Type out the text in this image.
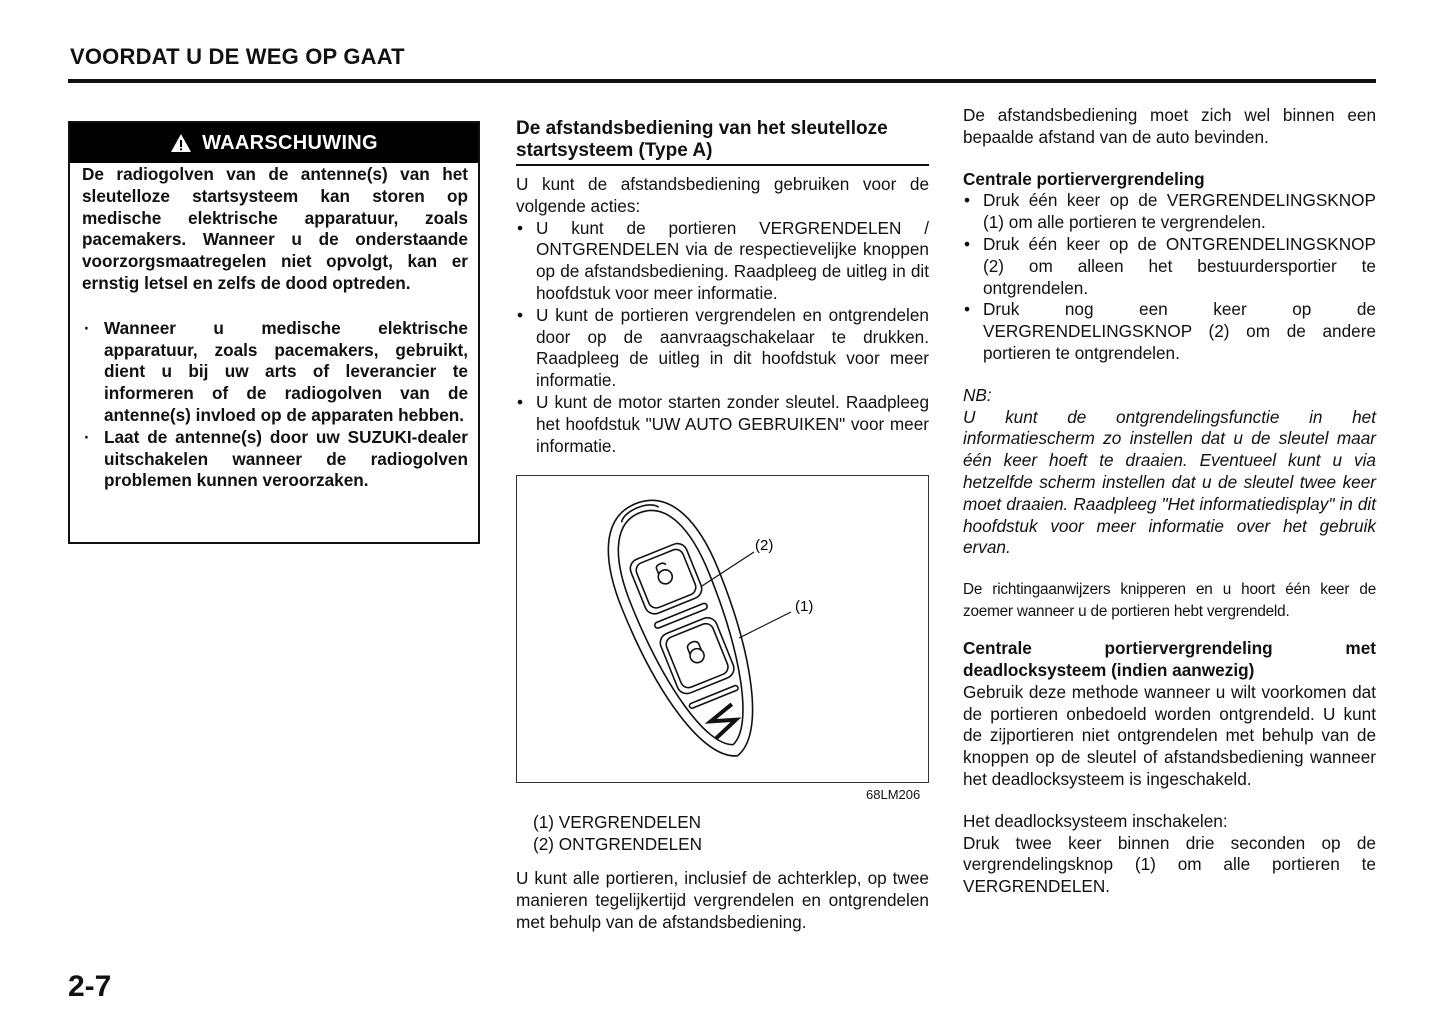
VOORDAT U DE WEG OP GAAT
WAARSCHUWING

De radiogolven van de antenne(s) van het sleutelloze startsysteem kan storen op medische elektrische apparatuur, zoals pacemakers. Wanneer u de onderstaande voorzorgsmaatregelen niet opvolgt, kan er ernstig letsel en zelfs de dood optreden.

· Wanneer u medische elektrische apparatuur, zoals pacemakers, gebruikt, dient u bij uw arts of leverancier te informeren of de radiogolven van de antenne(s) invloed op de apparaten hebben.
· Laat de antenne(s) door uw SUZUKI-dealer uitschakelen wanneer de radiogolven problemen kunnen veroorzaken.
De afstandsbediening van het sleutelloze startsysteem (Type A)

U kunt de afstandsbediening gebruiken voor de volgende acties:

• U kunt de portieren VERGRENDELEN / ONTGRENDELEN via de respectievelijke knoppen op de afstandsbediening. Raadpleeg de uitleg in dit hoofdstuk voor meer informatie.
• U kunt de portieren vergrendelen en ontgrendelen door op de aanvraagschakelaar te drukken. Raadpleeg de uitleg in dit hoofdstuk voor meer informatie.
• U kunt de motor starten zonder sleutel. Raadpleeg het hoofdstuk "UW AUTO GEBRUIKEN" voor meer informatie.
(2)
(1)
68LM206
(1) VERGRENDELEN
(2) ONTGRENDELEN

U kunt alle portieren, inclusief de achterklep, op twee manieren tegelijkertijd vergrendelen en ontgrendelen met behulp van de afstandsbediening.

De afstandsbediening moet zich wel binnen een bepaalde afstand van de auto bevinden.

Centrale portiervergrendeling

• Druk één keer op de VERGRENDELINGSKNOP (1) om alle portieren te vergrendelen.
• Druk één keer op de ONTGRENDELINGSKNOP (2) om alleen het bestuurdersportier te ontgrendelen.
• Druk nog een keer op de VERGRENDELINGSKNOP (2) om de andere portieren te ontgrendelen.

NB:

U kunt de ontgrendelingsfunctie in het informatiescherm zo instellen dat u de sleutel maar één keer hoeft te draaien. Eventueel kunt u via hetzelfde scherm instellen dat u de sleutel twee keer moet draaien. Raadpleeg "Het informatiedisplay" in dit hoofdstuk voor meer informatie over het gebruik ervan.

De richtingaanwijzers knipperen en u hoort één keer de zoemer wanneer u de portieren hebt vergrendeld.

Centrale portiervergrendeling met deadlocksysteem (indien aanwezig)

Gebruik deze methode wanneer u wilt voorkomen dat de portieren onbedoeld worden ontgrendeld. U kunt de zijportieren niet ontgrendelen met behulp van de knoppen op de sleutel of afstandsbediening wanneer het deadlocksysteem is ingeschakeld.

Het deadlocksysteem inschakelen:

Druk twee keer binnen drie seconden op de vergrendelingsknop (1) om alle portieren te VERGRENDELEN.

2-7
